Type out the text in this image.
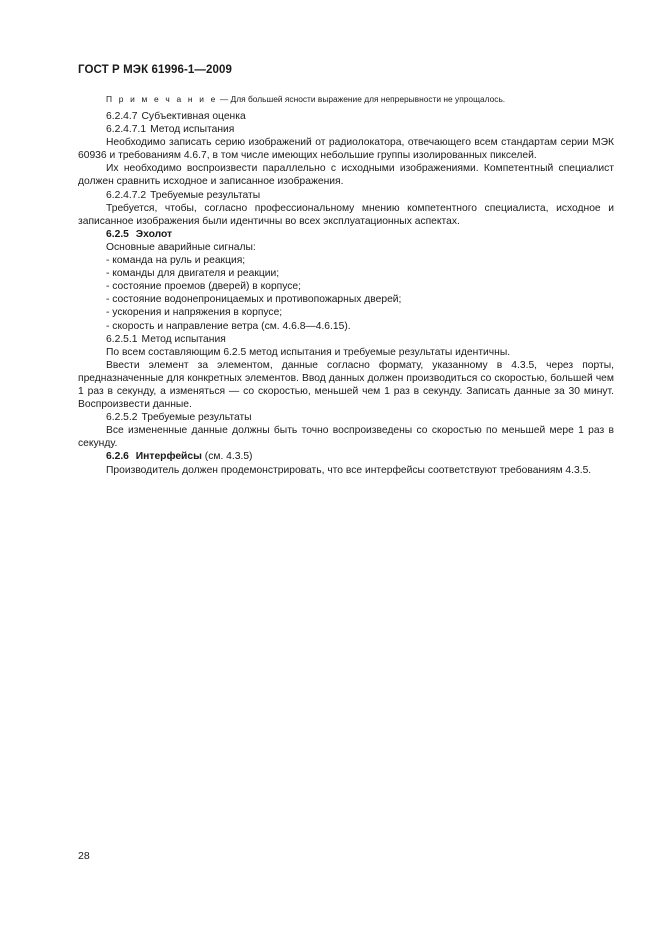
ГОСТ Р МЭК 61996-1—2009

П р и м е ч а н и е — Для большей ясности выражение для непрерывности не упрощалось.

6.2.4.7 Субъективная оценка

6.2.4.7.1 Метод испытания

Необходимо записать серию изображений от радиолокатора, отвечающего всем стандартам серии МЭК 60936 и требованиям 4.6.7, в том числе имеющих небольшие группы изолированных пикселей.

Их необходимо воспроизвести параллельно с исходными изображениями. Компетентный специалист должен сравнить исходное и записанное изображения.

6.2.4.7.2 Требуемые результаты

Требуется, чтобы, согласно профессиональному мнению компетентного специалиста, исходное и записанное изображения были идентичны во всех эксплуатационных аспектах.

6.2.5 Эхолот

Основные аварийные сигналы:

- команда на руль и реакция;

- команды для двигателя и реакции;

- состояние проемов (дверей) в корпусе;

- состояние водонепроницаемых и противопожарных дверей;

- ускорения и напряжения в корпусе;

- скорость и направление ветра (см. 4.6.8—4.6.15).

6.2.5.1 Метод испытания

По всем составляющим 6.2.5 метод испытания и требуемые результаты идентичны.

Ввести элемент за элементом, данные согласно формату, указанному в 4.3.5, через порты, предназначенные для конкретных элементов. Ввод данных должен производиться со скоростью, большей чем 1 раз в секунду, а изменяться — со скоростью, меньшей чем 1 раз в секунду. Записать данные за 30 минут. Воспроизвести данные.

6.2.5.2 Требуемые результаты

Все измененные данные должны быть точно воспроизведены со скоростью по меньшей мере 1 раз в секунду.

6.2.6 Интерфейсы (см. 4.3.5)

Производитель должен продемонстрировать, что все интерфейсы соответствуют требованиям 4.3.5.

28
